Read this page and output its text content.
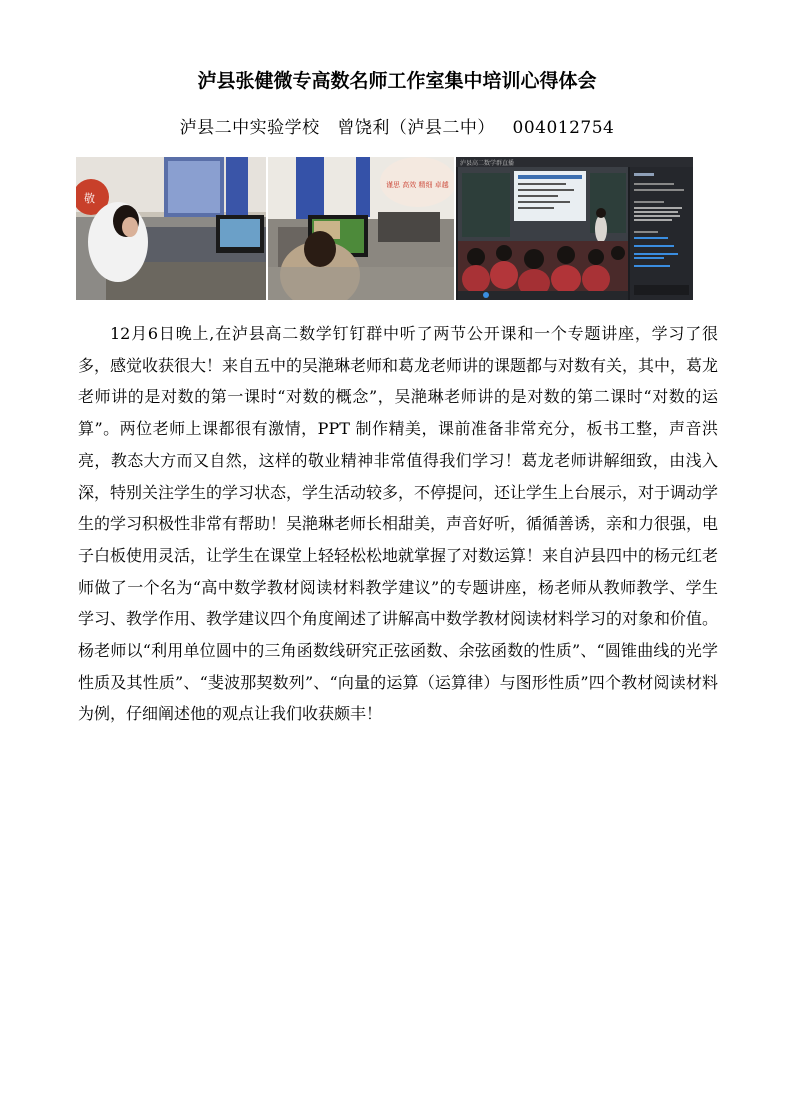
泸县张健微专高数名师工作室集中培训心得体会
泸县二中实验学校   曾饶利（泸县二中）   004012754
敬
谨思 高效 精细 卓越
泸县高二数学群直播

12月6日晚上,在泸县高二数学钉钉群中听了两节公开课和一个专题讲座，学习了很多，感觉收获很大！来自五中的吴滟琳老师和葛龙老师讲的课题都与对数有关，其中，葛龙老师讲的是对数的第一课时“对数的概念”，吴滟琳老师讲的是对数的第二课时“对数的运算”。两位老师上课都很有激情，PPT 制作精美，课前准备非常充分，板书工整，声音洪亮，教态大方而又自然，这样的敬业精神非常值得我们学习！葛龙老师讲解细致，由浅入深，特别关注学生的学习状态，学生活动较多，不停提问，还让学生上台展示，对于调动学生的学习积极性非常有帮助！吴滟琳老师长相甜美，声音好听，循循善诱，亲和力很强，电子白板使用灵活，让学生在课堂上轻轻松松地就掌握了对数运算！来自泸县四中的杨元红老师做了一个名为“高中数学教材阅读材料教学建议”的专题讲座，杨老师从教师教学、学生学习、教学作用、教学建议四个角度阐述了讲解高中数学教材阅读材料学习的对象和价值。杨老师以“利用单位圆中的三角函数线研究正弦函数、余弦函数的性质”、“圆锥曲线的光学性质及其性质”、“斐波那契数列”、“向量的运算（运算律）与图形性质”四个教材阅读材料为例，仔细阐述他的观点让我们收获颇丰！
